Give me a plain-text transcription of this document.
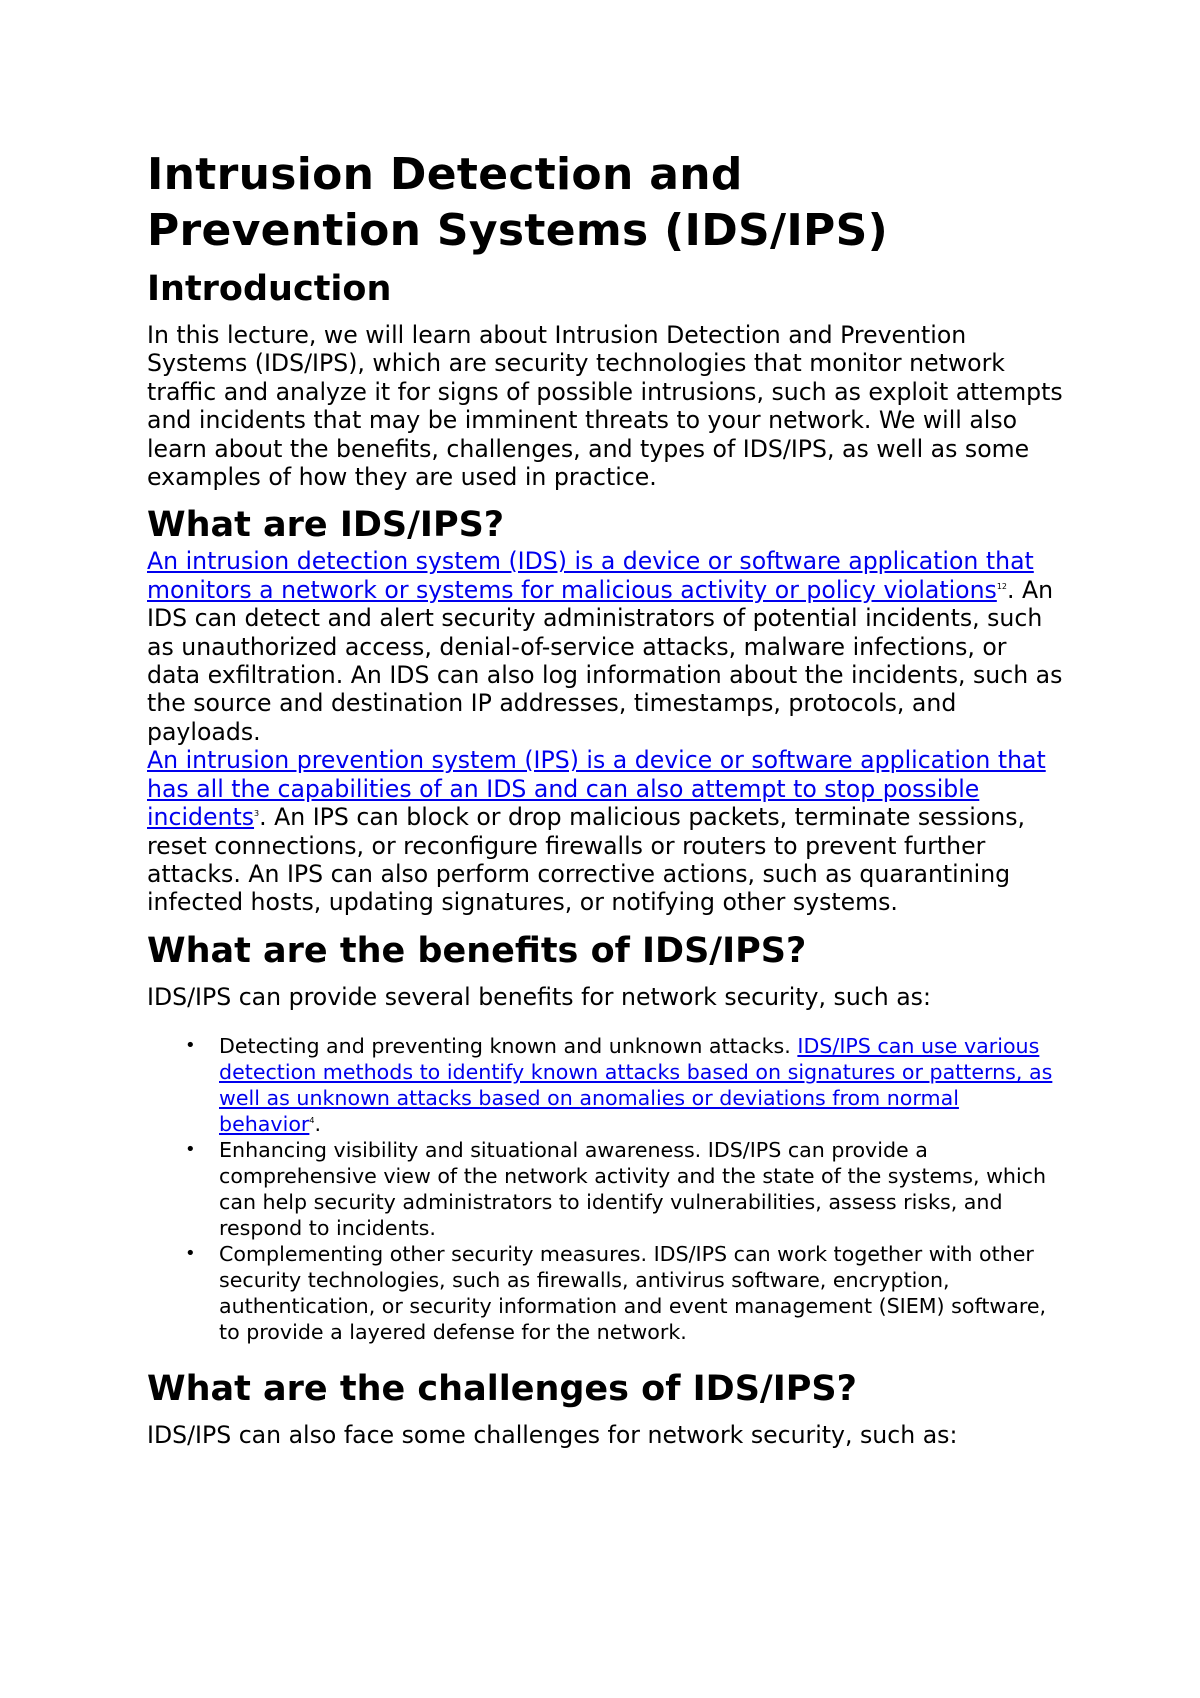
Intrusion Detection and
Prevention Systems (IDS/IPS)
Introduction

In this lecture, we will learn about Intrusion Detection and Prevention Systems (IDS/IPS), which are security technologies that monitor network traffic and analyze it for signs of possible intrusions, such as exploit attempts and incidents that may be imminent threats to your network. We will also learn about the benefits, challenges, and types of IDS/IPS, as well as some examples of how they are used in practice.

What are IDS/IPS?

An intrusion detection system (IDS) is a device or software application that monitors a network or systems for malicious activity or policy violations$^{12}$. An IDS can detect and alert security administrators of potential incidents, such as unauthorized access, denial-of-service attacks, malware infections, or data exfiltration. An IDS can also log information about the incidents, such as the source and destination IP addresses, timestamps, protocols, and payloads.

An intrusion prevention system (IPS) is a device or software application that has all the capabilities of an IDS and can also attempt to stop possible incidents$^3$. An IPS can block or drop malicious packets, terminate sessions, reset connections, or reconfigure firewalls or routers to prevent further attacks. An IPS can also perform corrective actions, such as quarantining infected hosts, updating signatures, or notifying other systems.

What are the benefits of IDS/IPS?

IDS/IPS can provide several benefits for network security, such as:

• Detecting and preventing known and unknown attacks. IDS/IPS can use various detection methods to identify known attacks based on signatures or patterns, as well as unknown attacks based on anomalies or deviations from normal behavior$^4$.
• Enhancing visibility and situational awareness. IDS/IPS can provide a comprehensive view of the network activity and the state of the systems, which can help security administrators to identify vulnerabilities, assess risks, and respond to incidents.
• Complementing other security measures. IDS/IPS can work together with other security technologies, such as firewalls, antivirus software, encryption, authentication, or security information and event management (SIEM) software, to provide a layered defense for the network.
What are the challenges of IDS/IPS?

IDS/IPS can also face some challenges for network security, such as:
